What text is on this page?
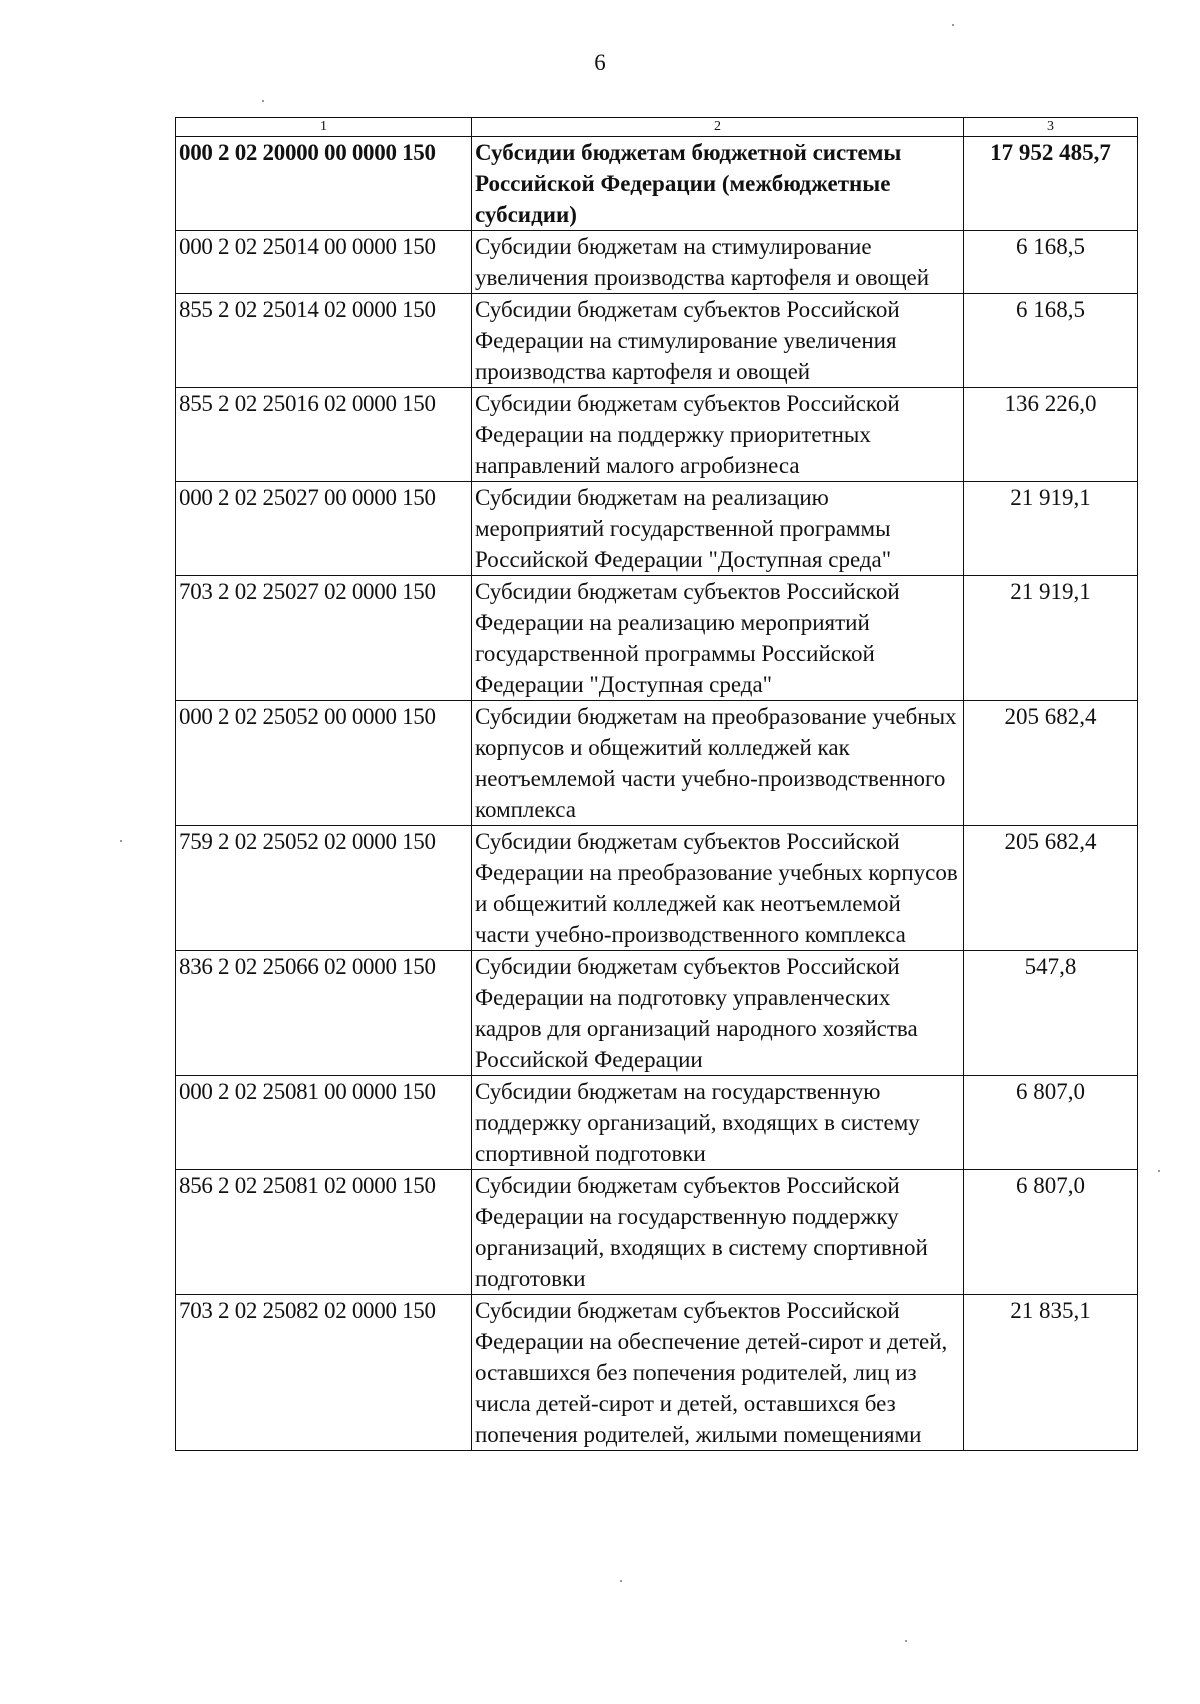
6
1	2	3
000 2 02 20000 00 0000 150	Субсидии бюджетам бюджетной системы Российской Федерации (межбюджетные субсидии)	17 952 485,7
000 2 02 25014 00 0000 150	Субсидии бюджетам на стимулирование увеличения производства картофеля и овощей	6 168,5
855 2 02 25014 02 0000 150	Субсидии бюджетам субъектов Российской Федерации на стимулирование увеличения производства картофеля и овощей	6 168,5
855 2 02 25016 02 0000 150	Субсидии бюджетам субъектов Российской Федерации на поддержку приоритетных направлений малого агробизнеса	136 226,0
000 2 02 25027 00 0000 150	Субсидии бюджетам на реализацию мероприятий государственной программы Российской Федерации "Доступная среда"	21 919,1
703 2 02 25027 02 0000 150	Субсидии бюджетам субъектов Российской Федерации на реализацию мероприятий государственной программы Российской Федерации "Доступная среда"	21 919,1
000 2 02 25052 00 0000 150	Субсидии бюджетам на преобразование учебных корпусов и общежитий колледжей как неотъемлемой части учебно-производственного комплекса	205 682,4
759 2 02 25052 02 0000 150	Субсидии бюджетам субъектов Российской Федерации на преобразование учебных корпусов и общежитий колледжей как неотъемлемой части учебно-производственного комплекса	205 682,4
836 2 02 25066 02 0000 150	Субсидии бюджетам субъектов Российской Федерации на подготовку управленческих кадров для организаций народного хозяйства Российской Федерации	547,8
000 2 02 25081 00 0000 150	Субсидии бюджетам на государственную поддержку организаций, входящих в систему спортивной подготовки	6 807,0
856 2 02 25081 02 0000 150	Субсидии бюджетам субъектов Российской Федерации на государственную поддержку организаций, входящих в систему спортивной подготовки	6 807,0
703 2 02 25082 02 0000 150	Субсидии бюджетам субъектов Российской Федерации на обеспечение детей-сирот и детей, оставшихся без попечения родителей, лиц из числа детей-сирот и детей, оставшихся без попечения родителей, жилыми помещениями	21 835,1
